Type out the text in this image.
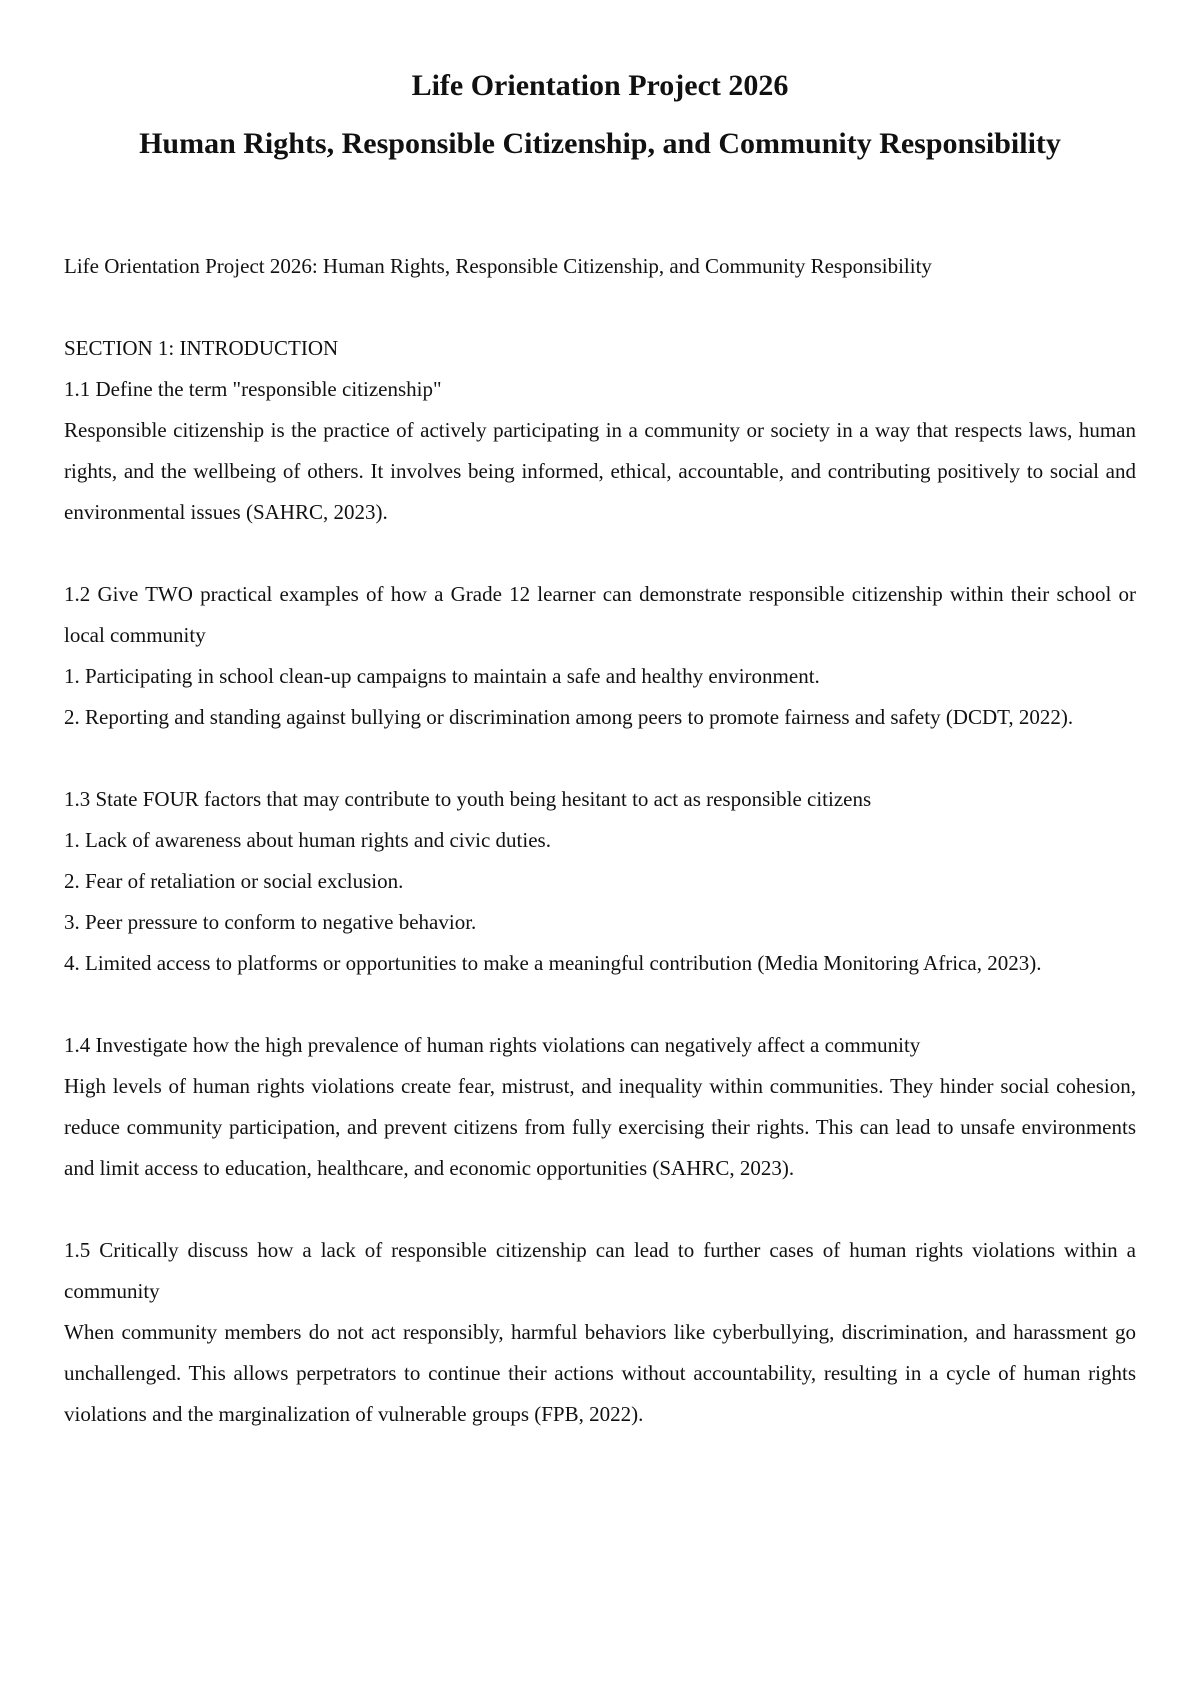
Life Orientation Project 2026
Human Rights, Responsible Citizenship, and Community Responsibility

Life Orientation Project 2026: Human Rights, Responsible Citizenship, and Community Responsibility

SECTION 1: INTRODUCTION

1.1 Define the term "responsible citizenship"

Responsible citizenship is the practice of actively participating in a community or society in a way that respects laws, human rights, and the wellbeing of others. It involves being informed, ethical, accountable, and contributing positively to social and environmental issues (SAHRC, 2023).

1.2 Give TWO practical examples of how a Grade 12 learner can demonstrate responsible citizenship within their school or local community

1. Participating in school clean-up campaigns to maintain a safe and healthy environment.
2. Reporting and standing against bullying or discrimination among peers to promote fairness and safety (DCDT, 2022).

1.3 State FOUR factors that may contribute to youth being hesitant to act as responsible citizens

1. Lack of awareness about human rights and civic duties.
2. Fear of retaliation or social exclusion.
3. Peer pressure to conform to negative behavior.
4. Limited access to platforms or opportunities to make a meaningful contribution (Media Monitoring Africa, 2023).

1.4 Investigate how the high prevalence of human rights violations can negatively affect a community

High levels of human rights violations create fear, mistrust, and inequality within communities. They hinder social cohesion, reduce community participation, and prevent citizens from fully exercising their rights. This can lead to unsafe environments and limit access to education, healthcare, and economic opportunities (SAHRC, 2023).

1.5 Critically discuss how a lack of responsible citizenship can lead to further cases of human rights violations within a community

When community members do not act responsibly, harmful behaviors like cyberbullying, discrimination, and harassment go unchallenged. This allows perpetrators to continue their actions without accountability, resulting in a cycle of human rights violations and the marginalization of vulnerable groups (FPB, 2022).
